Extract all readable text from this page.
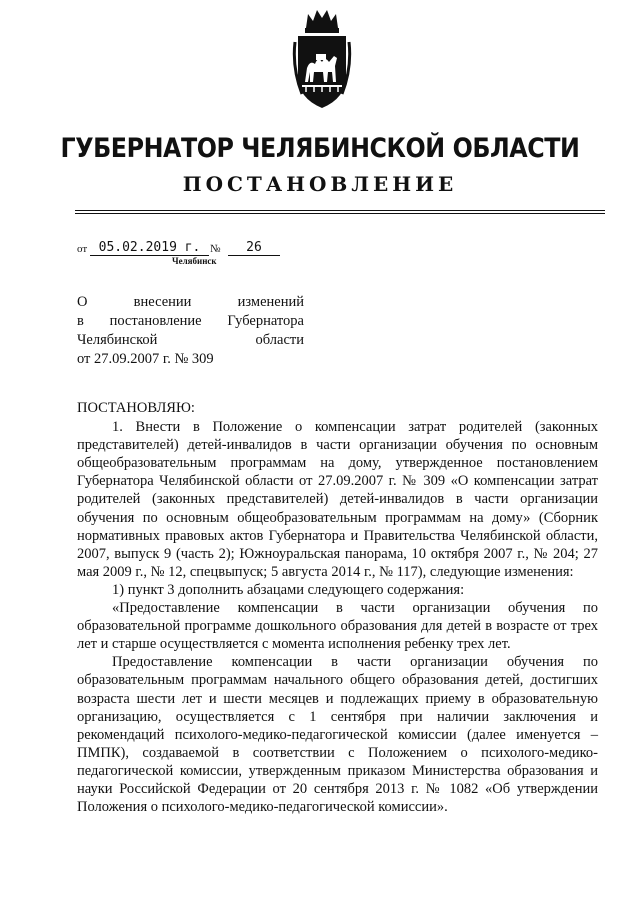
ГУБЕРНАТОР ЧЕЛЯБИНСКОЙ ОБЛАСТИ
ПОСТАНОВЛЕНИЕ
от 05.02.2019 г. №	26
Челябинск
О внесении изменений
в постановление Губернатора
Челябинской области
от 27.09.2007 г. № 309

ПОСТАНОВЛЯЮ:

1. Внести в Положение о компенсации затрат родителей (законных представителей) детей-инвалидов в части организации обучения по основным общеобразовательным программам на дому, утвержденное постановлением Губернатора Челябинской области от 27.09.2007 г. № 309 «О компенсации затрат родителей (законных представителей) детей-инвалидов в части организации обучения по основным общеобразовательным программам на дому» (Сборник нормативных правовых актов Губернатора и Правительства Челябинской области, 2007, выпуск 9 (часть 2); Южноуральская панорама, 10 октября 2007 г., № 204; 27 мая 2009 г., № 12, спецвыпуск; 5 августа 2014 г., № 117), следующие изменения:

1) пункт 3 дополнить абзацами следующего содержания:

«Предоставление компенсации в части организации обучения по образовательной программе дошкольного образования для детей в возрасте от трех лет и старше осуществляется с момента исполнения ребенку трех лет.

Предоставление компенсации в части организации обучения по образовательным программам начального общего образования детей, достигших возраста шести лет и шести месяцев и подлежащих приему в образовательную организацию, осуществляется с 1 сентября при наличии заключения и рекомендаций психолого-медико-педагогической комиссии (далее именуется – ПМПК), создаваемой в соответствии с Положением о психолого-медико-педагогической комиссии, утвержденным приказом Министерства образования и науки Российской Федерации от 20 сентября 2013 г. № 1082 «Об утверждении Положения о психолого-медико-педагогической комиссии».
